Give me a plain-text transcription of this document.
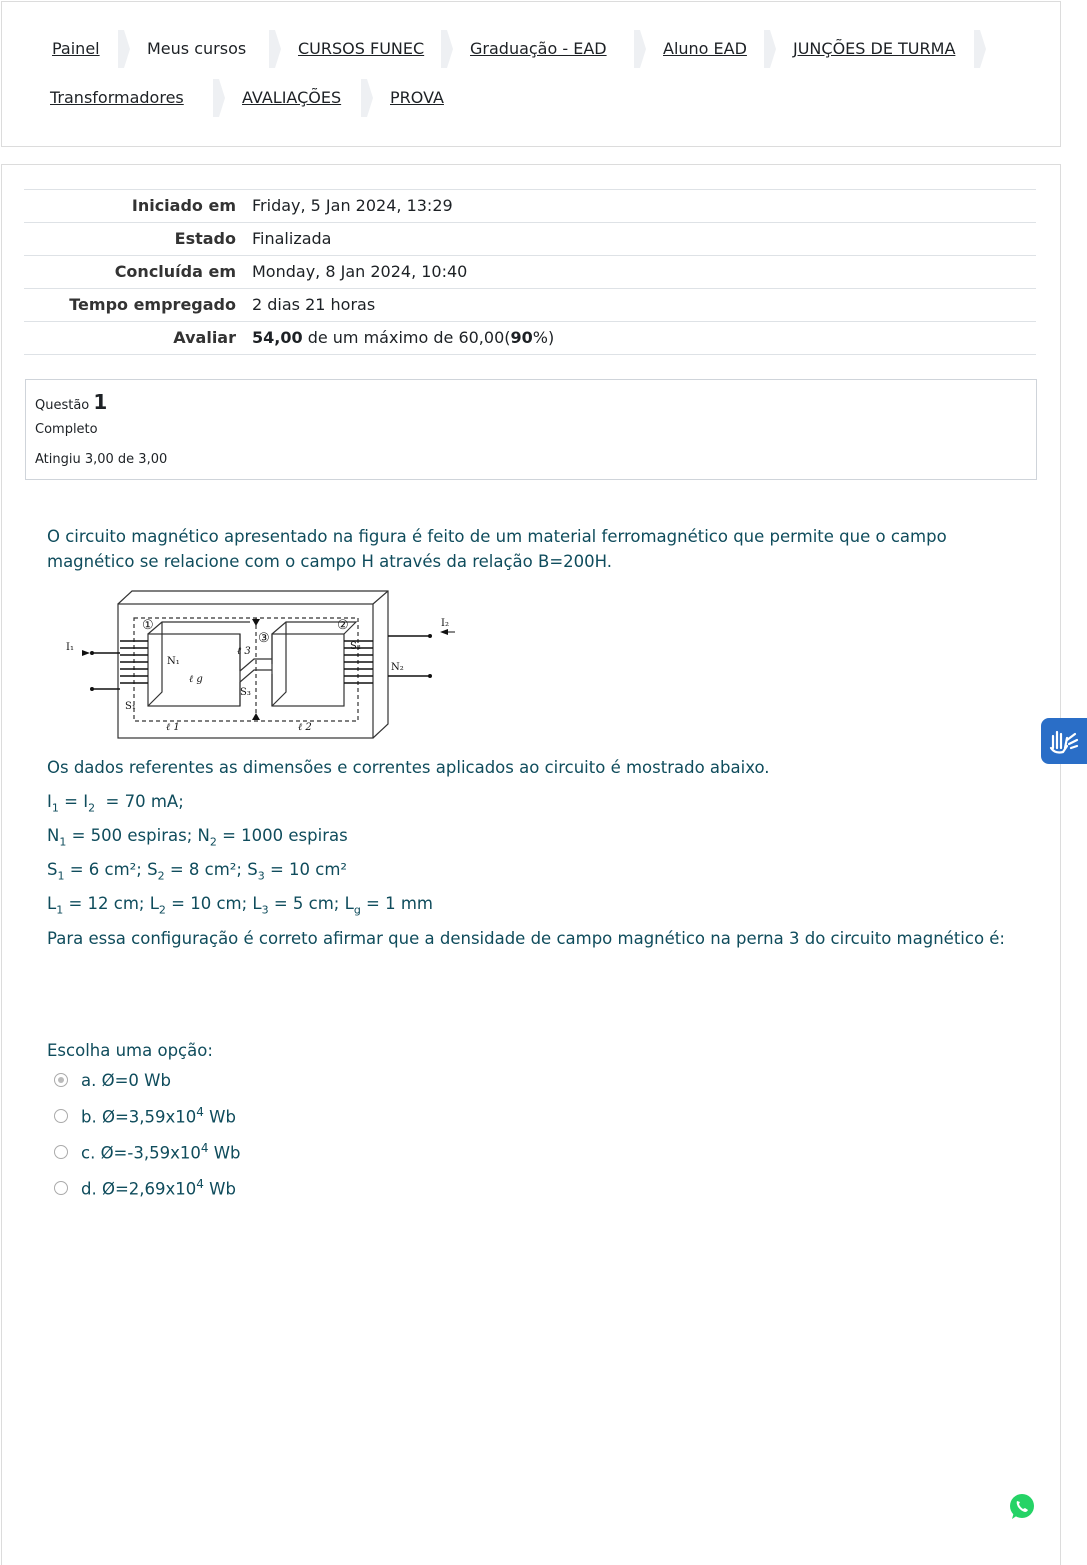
Painel	Meus cursos	CURSOS FUNEC	Graduação - EAD	Aluno EAD	JUNÇÕES DE TURMA
Transformadores	AVALIAÇÕES	PROVA
Iniciado em	Friday, 5 Jan 2024, 13:29
Estado	Finalizada
Concluída em	Monday, 8 Jan 2024, 10:40
Tempo empregado	2 dias 21 horas
Avaliar	54,00 de um máximo de 60,00(90%)
Questão 1
Completo
Atingiu 3,00 de 3,00
O circuito magnético apresentado na figura é feito de um material ferromagnético que permite que o campo magnético se relacione com o campo H através da relação B=200H.
I₁
I₂
N₁
N₂
S₁
S₂
S₃
①	②
③
ℓ 1	ℓ 2
ℓ 3
ℓ g
Os dados referentes as dimensões e correntes aplicados ao circuito é mostrado abaixo.
$I_1 = I_2 = 70$ mA;
$N_1 = 500$ espiras; $N_2 = 1000$ espiras
$S_1 = 6$ cm²; $S_2 = 8$ cm²; $S_3 = 10$ cm²
$L_1 = 12$ cm; $L_2 = 10$ cm; $L_3 = 5$ cm; $L_g = 1$ mm
Para essa configuração é correto afirmar que a densidade de campo magnético na perna 3 do circuito magnético é:
Escolha uma opção:
a. Ø=0 Wb
b. $Ø=3,59x10^4$ Wb
c. $Ø=-3,59x10^4$ Wb
d. $Ø=2,69x10^4$ Wb
